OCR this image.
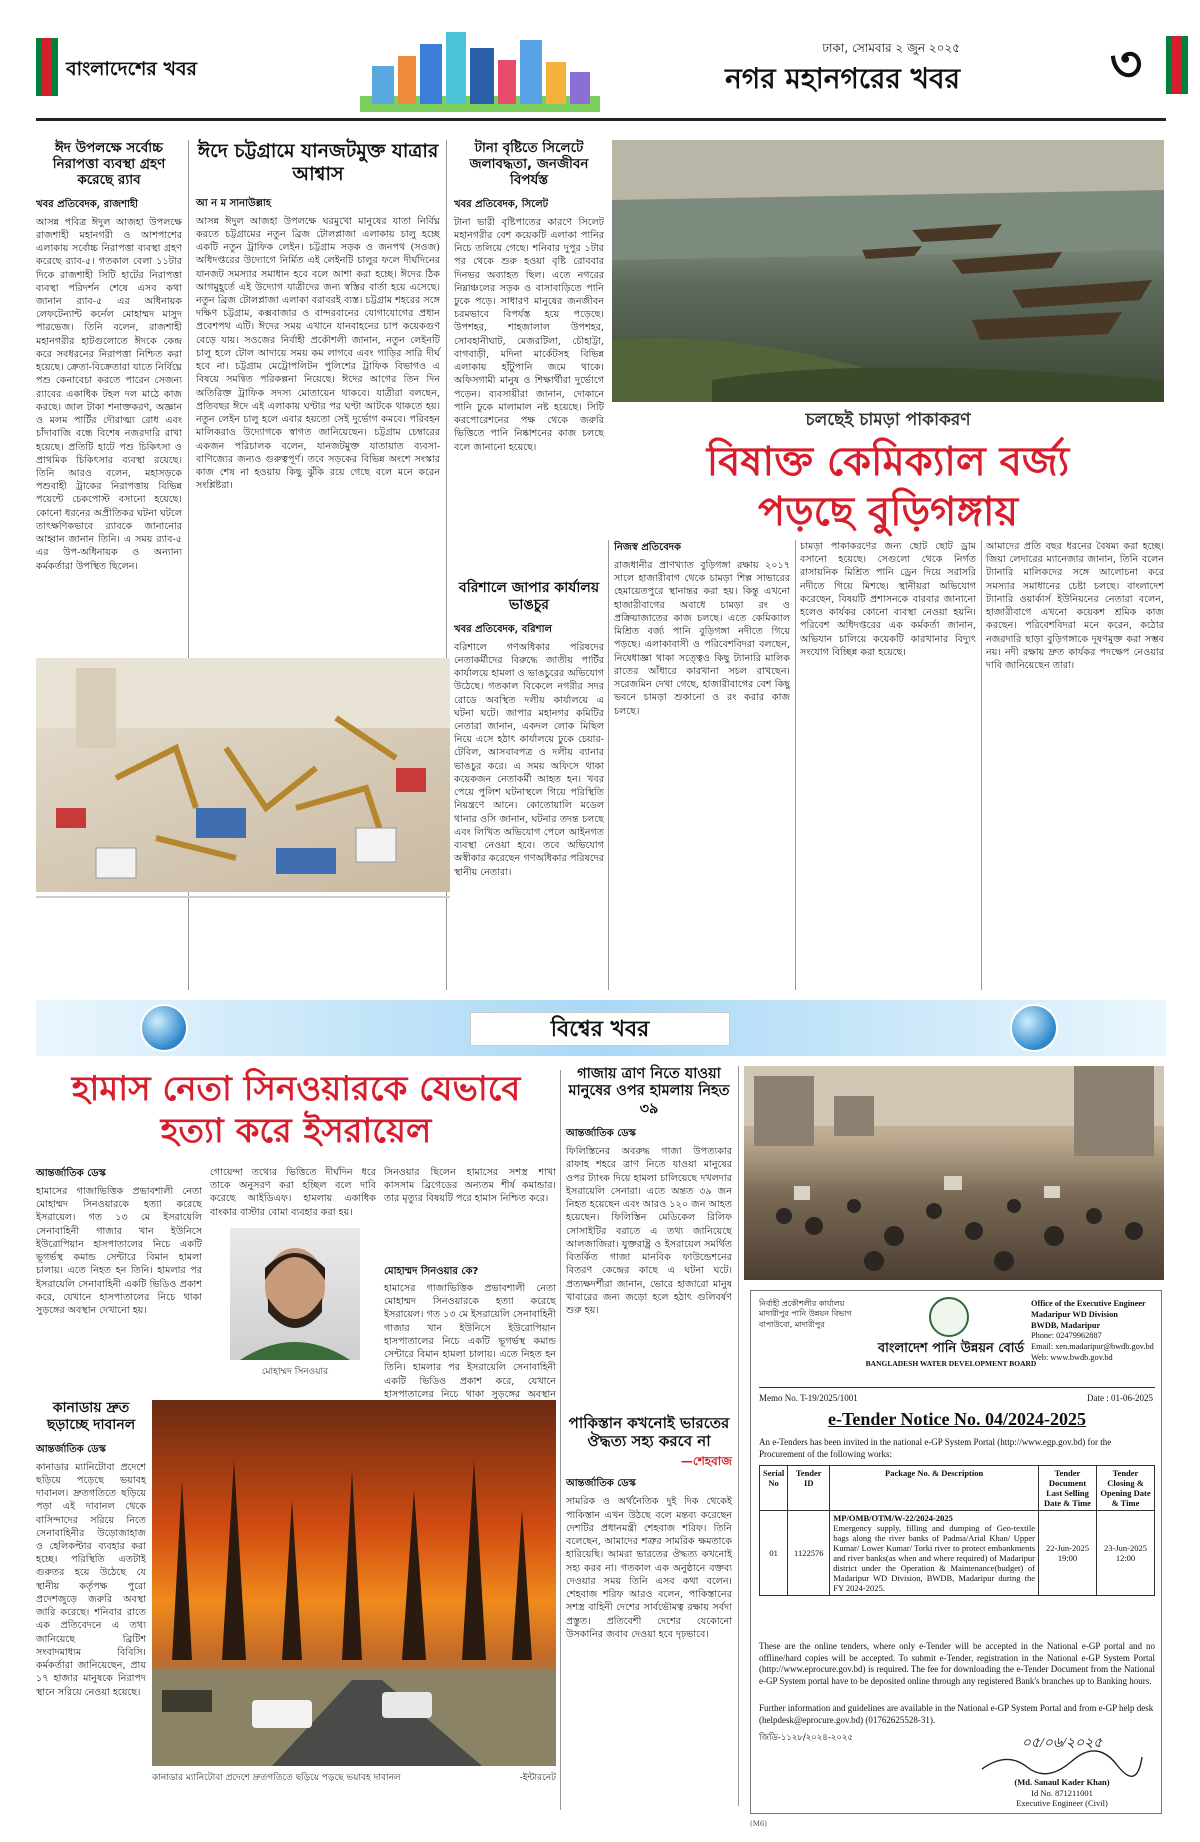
বাংলাদেশের খবর
ঢাকা, সোমবার ২ জুন ২০২৫
নগর মহানগরের খবর	৩
ঈদ উপলক্ষে সর্বোচ্চ নিরাপত্তা ব্যবস্থা গ্রহণ করেছে র‍্যাব
খবর প্রতিবেদক, রাজশাহী
আসন্ন পবিত্র ঈদুল আজহা উপলক্ষে রাজশাহী মহানগরী ও আশপাশের এলাকায় সর্বোচ্চ নিরাপত্তা ব্যবস্থা গ্রহণ করেছে র‍্যাব-৫। গতকাল বেলা ১১টার দিকে রাজশাহী সিটি হাটের নিরাপত্তা ব্যবস্থা পরিদর্শন শেষে এসব কথা জানান র‍্যাব-৫ এর অধিনায়ক লেফটেন্যান্ট কর্নেল মোহাম্মদ মাসুদ পারভেজ। তিনি বলেন, রাজশাহী মহানগরীর হাটগুলোতে ঈদকে কেন্দ্র করে সবধরনের নিরাপত্তা নিশ্চিত করা হয়েছে। ক্রেতা-বিক্রেতারা যাতে নির্বিঘ্নে পশু কেনাবেচা করতে পারেন সেজন্য র‍্যাবের একাধিক টহল দল মাঠে কাজ করছে। জাল টাকা শনাক্তকরণ, অজ্ঞান ও মলম পার্টির দৌরাত্ম্য রোধ এবং চাঁদাবাজি বন্ধে বিশেষ নজরদারি রাখা হয়েছে। প্রতিটি হাটে পশু চিকিৎসা ও প্রাথমিক চিকিৎসার ব্যবস্থা রয়েছে। তিনি আরও বলেন, মহাসড়কে পশুবাহী ট্রাকের নিরাপত্তায় বিভিন্ন পয়েন্টে চেকপোস্ট বসানো হয়েছে। কোনো ধরনের অপ্রীতিকর ঘটনা ঘটলে তাৎক্ষণিকভাবে র‍্যাবকে জানানোর আহ্বান জানান তিনি। এ সময় র‍্যাব-৫ এর উপ-অধিনায়ক ও অন্যান্য কর্মকর্তারা উপস্থিত ছিলেন।
ঈদে চট্টগ্রামে যানজটমুক্ত যাত্রার আশ্বাস
আ ন ম সানাউল্লাহ
আসন্ন ঈদুল আজহা উপলক্ষে ঘরমুখো মানুষের যাতা নির্বিঘ্ন করতে চট্টগ্রামের নতুন ব্রিজ টোলপ্লাজা এলাকায় চালু হচ্ছে একটি নতুন ট্রাফিক লেইন। চট্টগ্রাম সড়ক ও জনপথ (সওজ) অধিদপ্তরের উদ্যোগে নির্মিত এই লেইনটি চালুর ফলে দীর্ঘদিনের যানজট সমস্যার সমাধান হবে বলে আশা করা হচ্ছে। ঈদের ঠিক আগমুহূর্তে এই উদ্যোগ যাত্রীদের জন্য স্বস্তির বার্তা হয়ে এসেছে। নতুন ব্রিজ টোলপ্লাজা এলাকা বরাবরই ব্যস্ত। চট্টগ্রাম শহরের সঙ্গে দক্ষিণ চট্টগ্রাম, কক্সবাজার ও বান্দরবানের যোগাযোগের প্রধান প্রবেশপথ এটি। ঈদের সময় এখানে যানবাহনের চাপ কয়েকগুণ বেড়ে যায়। সওজের নির্বাহী প্রকৌশলী জানান, নতুন লেইনটি চালু হলে টোল আদায়ে সময় কম লাগবে এবং গাড়ির সারি দীর্ঘ হবে না। চট্টগ্রাম মেট্রোপলিটন পুলিশের ট্রাফিক বিভাগও এ বিষয়ে সমন্বিত পরিকল্পনা নিয়েছে। ঈদের আগের তিন দিন অতিরিক্ত ট্রাফিক সদস্য মোতায়েন থাকবে। যাত্রীরা বলছেন, প্রতিবছর ঈদে এই এলাকায় ঘণ্টার পর ঘণ্টা আটকে থাকতে হয়। নতুন লেইন চালু হলে এবার হয়তো সেই দুর্ভোগ কমবে। পরিবহন মালিকরাও উদ্যোগকে স্বাগত জানিয়েছেন। চট্টগ্রাম চেম্বারের একজন পরিচালক বলেন, যানজটমুক্ত যাতায়াত ব্যবসা-বাণিজ্যের জন্যও গুরুত্বপূর্ণ। তবে সড়কের বিভিন্ন অংশে সংস্কার কাজ শেষ না হওয়ায় কিছু ঝুঁকি রয়ে গেছে বলে মনে করেন সংশ্লিষ্টরা।
টানা বৃষ্টিতে সিলেটে জলাবদ্ধতা, জনজীবন বিপর্যস্ত
খবর প্রতিবেদক, সিলেট
টানা ভারী বৃষ্টিপাতের কারণে সিলেট মহানগরীর বেশ কয়েকটি এলাকা পানির নিচে তলিয়ে গেছে। শনিবার দুপুর ১টার পর থেকে শুরু হওয়া বৃষ্টি রোববার দিনভর অব্যাহত ছিল। এতে নগরের নিম্নাঞ্চলের সড়ক ও বাসাবাড়িতে পানি ঢুকে পড়ে। সাধারণ মানুষের জনজীবন চরমভাবে বিপর্যস্ত হয়ে পড়েছে। উপশহর, শাহজালাল উপশহর, সোবহানীঘাট, মেজরটিলা, চৌহাট্টা, বাগবাড়ী, মদিনা মার্কেটসহ বিভিন্ন এলাকায় হাঁটুপানি জমে থাকে। অফিসগামী মানুষ ও শিক্ষার্থীরা দুর্ভোগে পড়েন। ব্যবসায়ীরা জানান, দোকানে পানি ঢুকে মালামাল নষ্ট হয়েছে। সিটি করপোরেশনের পক্ষ থেকে জরুরি ভিত্তিতে পানি নিষ্কাশনের কাজ চলছে বলে জানানো হয়েছে।
চলছেই চামড়া পাকাকরণ
বিষাক্ত কেমিক্যাল বর্জ্য
পড়ছে বুড়িগঙ্গায়
বরিশালে জাপার কার্যালয় ভাঙচুর
খবর প্রতিবেদক, বরিশাল
বরিশালে গণঅধিকার পরিষদের নেতাকর্মীদের বিরুদ্ধে জাতীয় পার্টির কার্যালয়ে হামলা ও ভাঙচুরের অভিযোগ উঠেছে। গতকাল বিকেলে নগরীর সদর রোডে অবস্থিত দলীয় কার্যালয়ে এ ঘটনা ঘটে। জাপার মহানগর কমিটির নেতারা জানান, একদল লোক মিছিল নিয়ে এসে হঠাৎ কার্যালয়ে ঢুকে চেয়ার-টেবিল, আসবাবপত্র ও দলীয় ব্যানার ভাঙচুর করে। এ সময় অফিসে থাকা কয়েকজন নেতাকর্মী আহত হন। খবর পেয়ে পুলিশ ঘটনাস্থলে গিয়ে পরিস্থিতি নিয়ন্ত্রণে আনে। কোতোয়ালি মডেল থানার ওসি জানান, ঘটনার তদন্ত চলছে এবং লিখিত অভিযোগ পেলে আইনগত ব্যবস্থা নেওয়া হবে। তবে অভিযোগ অস্বীকার করেছেন গণঅধিকার পরিষদের স্থানীয় নেতারা।
নিজস্ব প্রতিবেদক
রাজধানীর প্রাণখ্যাত বুড়িগঙ্গা রক্ষায় ২০১৭ সালে হাজারীবাগ থেকে চামড়া শিল্প সাভারের হেমায়েতপুরে স্থানান্তর করা হয়। কিন্তু এখনো হাজারীবাগের অবাধে চামড়া রং ও প্রক্রিয়াজাতের কাজ চলছে। এতে কেমিক্যাল মিশ্রিত বর্জ্য পানি বুড়িগঙ্গা নদীতে গিয়ে পড়ছে। এলাকাবাসী ও পরিবেশবিদরা বলছেন, নিষেধাজ্ঞা থাকা সত্ত্বেও কিছু ট্যানারি মালিক রাতের আঁধারে কারখানা সচল রাখছেন। সরেজমিন দেখা গেছে, হাজারীবাগের বেশ কিছু ভবনে চামড়া শুকানো ও রং করার কাজ চলছে।
চামড়া পাকাকরণের জন্য ছোট ছোট ড্রাম বসানো হয়েছে। সেগুলো থেকে নির্গত রাসায়নিক মিশ্রিত পানি ড্রেন দিয়ে সরাসরি নদীতে গিয়ে মিশছে। স্থানীয়রা অভিযোগ করেছেন, বিষয়টি প্রশাসনকে বারবার জানানো হলেও কার্যকর কোনো ব্যবস্থা নেওয়া হয়নি। পরিবেশ অধিদপ্তরের এক কর্মকর্তা জানান, অভিযান চালিয়ে কয়েকটি কারখানার বিদ্যুৎ সংযোগ বিচ্ছিন্ন করা হয়েছে।
আমাদের প্রতি বছর ধরনের বৈষম্য করা হচ্ছে। জিয়া লেদারের ম্যানেজার জানান, তিনি বলেন ট্যানারি মালিকদের সঙ্গে আলোচনা করে সমস্যার সমাধানের চেষ্টা চলছে। বাংলাদেশ ট্যানারি ওয়ার্কার্স ইউনিয়নের নেতারা বলেন, হাজারীবাগে এখনো কয়েকশ শ্রমিক কাজ করছেন। পরিবেশবিদরা মনে করেন, কঠোর নজরদারি ছাড়া বুড়িগঙ্গাকে দূষণমুক্ত করা সম্ভব নয়। নদী রক্ষায় দ্রুত কার্যকর পদক্ষেপ নেওয়ার দাবি জানিয়েছেন তারা।
বিশ্বের খবর
হামাস নেতা সিনওয়ারকে যেভাবে
হত্যা করে ইসরায়েল
আন্তর্জাতিক ডেস্ক
হামাসের গাজাভিত্তিক প্রভাবশালী নেতা মোহাম্মদ সিনওয়ারকে হত্যা করেছে ইসরায়েল। গত ১৩ মে ইসরায়েলি সেনাবাহিনী গাজার খান ইউনিসে ইউরোপিয়ান হাসপাতালের নিচে একটি ভূগর্ভস্থ কমান্ড সেন্টারে বিমান হামলা চালায়। এতে নিহত হন তিনি। হামলার পর ইসরায়েলি সেনাবাহিনী একটি ভিডিও প্রকাশ করে, যেখানে হাসপাতালের নিচে থাকা সুড়ঙ্গের অবস্থান দেখানো হয়।
গোয়েন্দা তথ্যের ভিত্তিতে দীর্ঘদিন ধরে তাকে অনুসরণ করা হচ্ছিল বলে দাবি করেছে আইডিএফ। হামলায় একাধিক বাংকার বাস্টার বোমা ব্যবহার করা হয়।
মোহাম্মদ সিনওয়ার
সিনওয়ার ছিলেন হামাসের সশস্ত্র শাখা কাসসাম ব্রিগেডের অন্যতম শীর্ষ কমান্ডার। তার মৃত্যুর বিষয়টি পরে হামাস নিশ্চিত করে।
মোহাম্মদ সিনওয়ার কে?
হামাসের গাজাভিত্তিক প্রভাবশালী নেতা মোহাম্মদ সিনওয়ারকে হত্যা করেছে ইসরায়েল। গত ১৩ মে ইসরায়েলি সেনাবাহিনী গাজার খান ইউনিসে ইউরোপিয়ান হাসপাতালের নিচে একটি ভূগর্ভস্থ কমান্ড সেন্টারে বিমান হামলা চালায়। এতে নিহত হন তিনি। হামলার পর ইসরায়েলি সেনাবাহিনী একটি ভিডিও প্রকাশ করে, যেখানে হাসপাতালের নিচে থাকা সুড়ঙ্গের অবস্থান
কানাডায় দ্রুত ছড়াচ্ছে দাবানল
আন্তর্জাতিক ডেস্ক
কানাডার ম্যানিটোবা প্রদেশে ছড়িয়ে পড়েছে ভয়াবহ দাবানল। দ্রুতগতিতে ছড়িয়ে পড়া এই দাবানল থেকে বাসিন্দাদের সরিয়ে নিতে সেনাবাহিনীর উড়োজাহাজ ও হেলিকপ্টার ব্যবহার করা হচ্ছে। পরিস্থিতি এতটাই গুরুতর হয়ে উঠেছে যে স্থানীয় কর্তৃপক্ষ পুরো প্রদেশজুড়ে জরুরি অবস্থা জারি করেছে। শনিবার রাতে এক প্রতিবেদনে এ তথ্য জানিয়েছে ব্রিটিশ সংবাদমাধ্যম বিবিসি। কর্মকর্তারা জানিয়েছেন, প্রায় ১৭ হাজার মানুষকে নিরাপদ স্থানে সরিয়ে নেওয়া হয়েছে।
কানাডার ম্যানিটোবা প্রদেশে দ্রুতগতিতে ছড়িয়ে পড়ছে ভয়াবহ দাবানল	-ইন্টারনেট
গাজায় ত্রাণ নিতে যাওয়া মানুষের ওপর হামলায় নিহত ৩৯
আন্তর্জাতিক ডেস্ক
ফিলিস্তিনের অবরুদ্ধ গাজা উপত্যকার রাফাহ শহরে ত্রাণ নিতে যাওয়া মানুষের ওপর ট্যাংক দিয়ে হামলা চালিয়েছে দখলদার ইসরায়েলি সেনারা। এতে অন্তত ৩৯ জন নিহত হয়েছেন এবং আরও ১২০ জন আহত হয়েছেন। ফিলিস্তিন মেডিকেল রিলিফ সোসাইটির বরাতে এ তথ্য জানিয়েছে আলজাজিরা। যুক্তরাষ্ট্র ও ইসরায়েল সমর্থিত বিতর্কিত গাজা মানবিক ফাউন্ডেশনের বিতরণ কেন্দ্রের কাছে এ ঘটনা ঘটে। প্রত্যক্ষদর্শীরা জানান, ভোরে হাজারো মানুষ খাবারের জন্য জড়ো হলে হঠাৎ গুলিবর্ষণ শুরু হয়।
পাকিস্তান কখনোই ভারতের ঔদ্ধত্য সহ্য করবে না
—শেহবাজ
আন্তর্জাতিক ডেস্ক
সামরিক ও অর্থনৈতিক দুই দিক থেকেই পাকিস্তান এখন উঠছে বলে মন্তব্য করেছেন দেশটির প্রধানমন্ত্রী শেহবাজ শরিফ। তিনি বলেছেন, আমাদের শত্রুর সামরিক ক্ষমতাকে হারিয়েছি। আমরা ভারতের ঔদ্ধত্য কখনোই সহ্য করব না। গতকাল এক অনুষ্ঠানে বক্তব্য দেওয়ার সময় তিনি এসব কথা বলেন। শেহবাজ শরিফ আরও বলেন, পাকিস্তানের সশস্ত্র বাহিনী দেশের সার্বভৌমত্ব রক্ষায় সর্বদা প্রস্তুত। প্রতিবেশী দেশের যেকোনো উসকানির জবাব দেওয়া হবে দৃঢ়ভাবে।
নির্বাহী প্রকৌশলীর কার্যালয়
মাদারীপুর পানি উন্নয়ন বিভাগ
বাপাউবো, মাদারীপুর
Office of the Executive Engineer
Madaripur WD Division
BWDB, Madaripur
Phone: 02479962887
Email: xen.madaripur@bwdb.gov.bd
Web: www.bwdb.gov.bd
বাংলাদেশ পানি উন্নয়ন বোর্ড
BANGLADESH WATER DEVELOPMENT BOARD
Memo No. T-19/2025/1001	Date : 01-06-2025
e-Tender Notice No. 04/2024-2025
An e-Tenders has been invited in the national e-GP System Portal (http://www.egp.gov.bd) for the Procurement of the following works:
Serial No	Tender ID	Package No. & Description	Tender Document Last Selling Date & Time	Tender Closing & Opening Date & Time
01	1122576	MP/OMB/OTM/W-22/2024-2025
Emergency supply, filling and dumping of Geo-textile bags along the river banks of Padma/Arial Khan/ Upper Kumar/ Lower Kumar/ Torki river to protect embankments and river banks(as when and where required) of Madaripur district under the Operation & Maintenance(budget) of Madaripur WD Division, BWDB, Madaripur during the FY 2024-2025.	22-Jun-2025 19:00	23-Jun-2025 12:00
These are the online tenders, where only e-Tender will be accepted in the National e-GP portal and no offline/hard copies will be accepted. To submit e-Tender, registration in the National e-GP System Portal (http://www.eprocure.gov.bd) is required. The fee for downloading the e-Tender Document from the National e-GP System portal have to be deposited online through any registered Bank's branches up to Banking hours.
Further information and guidelines are available in the National e-GP System Portal and from e-GP help desk (helpdesk@eprocure.gov.bd) (01762625528-31).
জিডি-১১২৮/২০২৪-২০২৫	০৫/০৬/২০২৫
(Md. Sanaul Kader Khan)
Id No. 871211001
Executive Engineer (Civil)
(M6)
